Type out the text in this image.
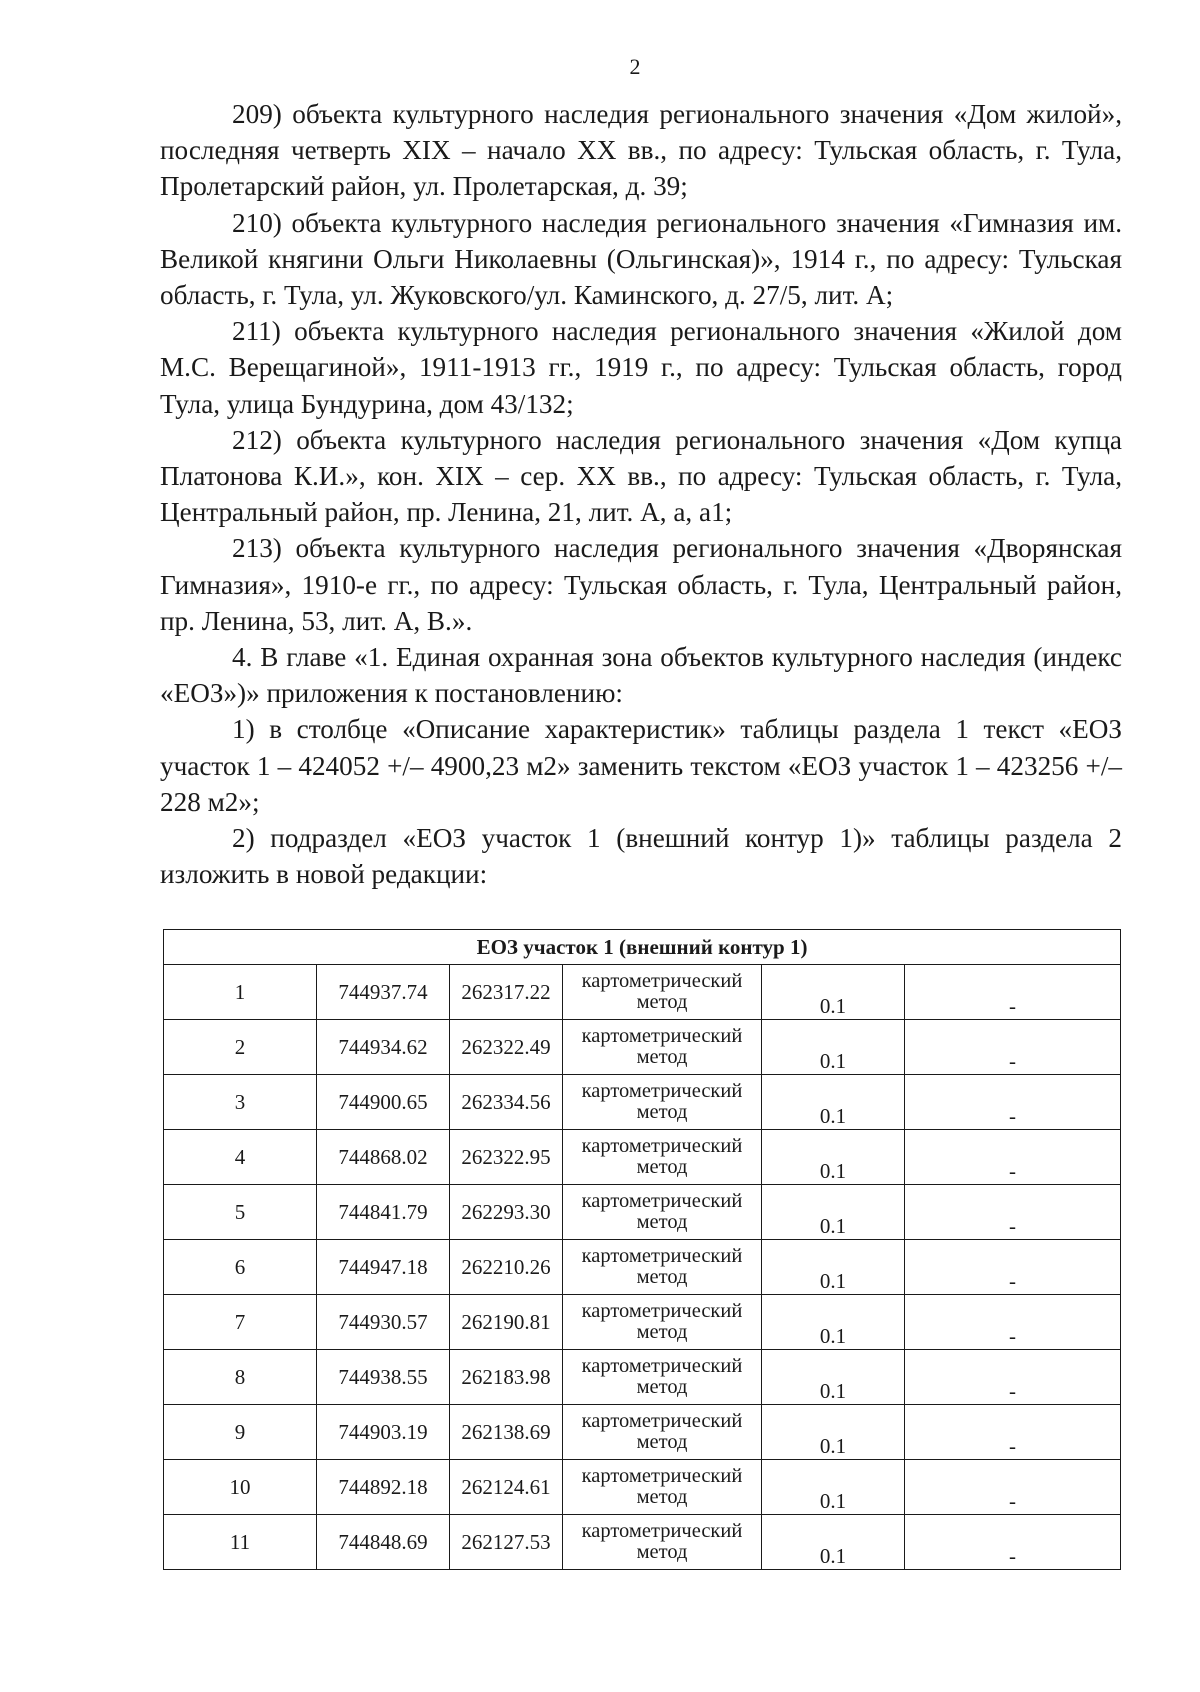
2

209) объекта культурного наследия регионального значения «Дом жилой», последняя четверть XIX – начало XX вв., по адресу: Тульская область, г. Тула, Пролетарский район, ул. Пролетарская, д. 39;

210) объекта культурного наследия регионального значения «Гимназия им. Великой княгини Ольги Николаевны (Ольгинская)», 1914 г., по адресу: Тульская область, г. Тула, ул. Жуковского/ул. Каминского, д. 27/5, лит. А;

211) объекта культурного наследия регионального значения «Жилой дом М.С. Верещагиной», 1911-1913 гг., 1919 г., по адресу: Тульская область, город Тула, улица Бундурина, дом 43/132;

212) объекта культурного наследия регионального значения «Дом купца Платонова К.И.», кон. XIX – сер. XX вв., по адресу: Тульская область, г. Тула, Центральный район, пр. Ленина, 21, лит. А, а, а1;

213) объекта культурного наследия регионального значения «Дворянская Гимназия», 1910-е гг., по адресу: Тульская область, г. Тула, Центральный район, пр. Ленина, 53, лит. А, В.».

4. В главе «1. Единая охранная зона объектов культурного наследия (индекс «ЕОЗ»)» приложения к постановлению:

1) в столбце «Описание характеристик» таблицы раздела 1 текст «ЕОЗ участок 1 – 424052 +/– 4900,23 м2» заменить текстом «ЕОЗ участок 1 – 423256 +/– 228 м2»;

2) подраздел «ЕОЗ участок 1 (внешний контур 1)» таблицы раздела 2 изложить в новой редакции:

ЕОЗ участок 1 (внешний контур 1)					
1	744937.74	262317.22	картометрический метод	0.1	-
2	744934.62	262322.49	картометрический метод	0.1	-
3	744900.65	262334.56	картометрический метод	0.1	-
4	744868.02	262322.95	картометрический метод	0.1	-
5	744841.79	262293.30	картометрический метод	0.1	-
6	744947.18	262210.26	картометрический метод	0.1	-
7	744930.57	262190.81	картометрический метод	0.1	-
8	744938.55	262183.98	картометрический метод	0.1	-
9	744903.19	262138.69	картометрический метод	0.1	-
10	744892.18	262124.61	картометрический метод	0.1	-
11	744848.69	262127.53	картометрический метод	0.1	-
